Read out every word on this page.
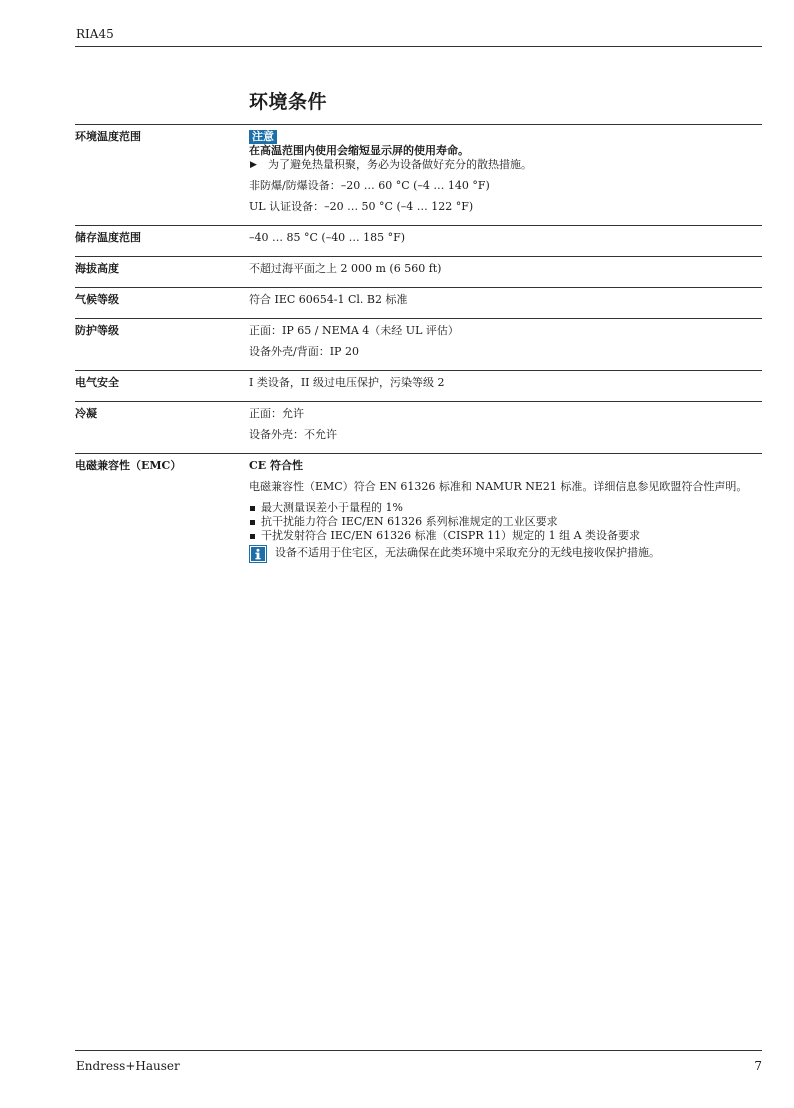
RIA45
环境条件
环境温度范围	注意
在高温范围内使用会缩短显示屏的使用寿命。
▶	为了避免热量积聚，务必为设备做好充分的散热措施。
非防爆/防爆设备：–20 … 60 °C (–4 … 140 °F)
UL 认证设备：–20 … 50 °C (–4 … 122 °F)
储存温度范围	–40 … 85 °C (–40 … 185 °F)
海拔高度	不超过海平面之上 2 000 m (6 560 ft)
气候等级	符合 IEC 60654-1 Cl. B2 标准
防护等级	正面：IP 65 / NEMA 4（未经 UL 评估）
设备外壳/背面：IP 20
电气安全	I 类设备，II 级过电压保护，污染等级 2
冷凝	正面：允许
设备外壳：不允许
电磁兼容性（EMC）	CE 符合性
电磁兼容性（EMC）符合 EN 61326 标准和 NAMUR NE21 标准。详细信息参见欧盟符合性声明。
最大测量误差小于量程的 1%
抗干扰能力符合 IEC/EN 61326 系列标准规定的工业区要求
干扰发射符合 IEC/EN 61326 标准（CISPR 11）规定的 1 组 A 类设备要求
设备不适用于住宅区，无法确保在此类环境中采取充分的无线电接收保护措施。
Endress+Hauser	7
